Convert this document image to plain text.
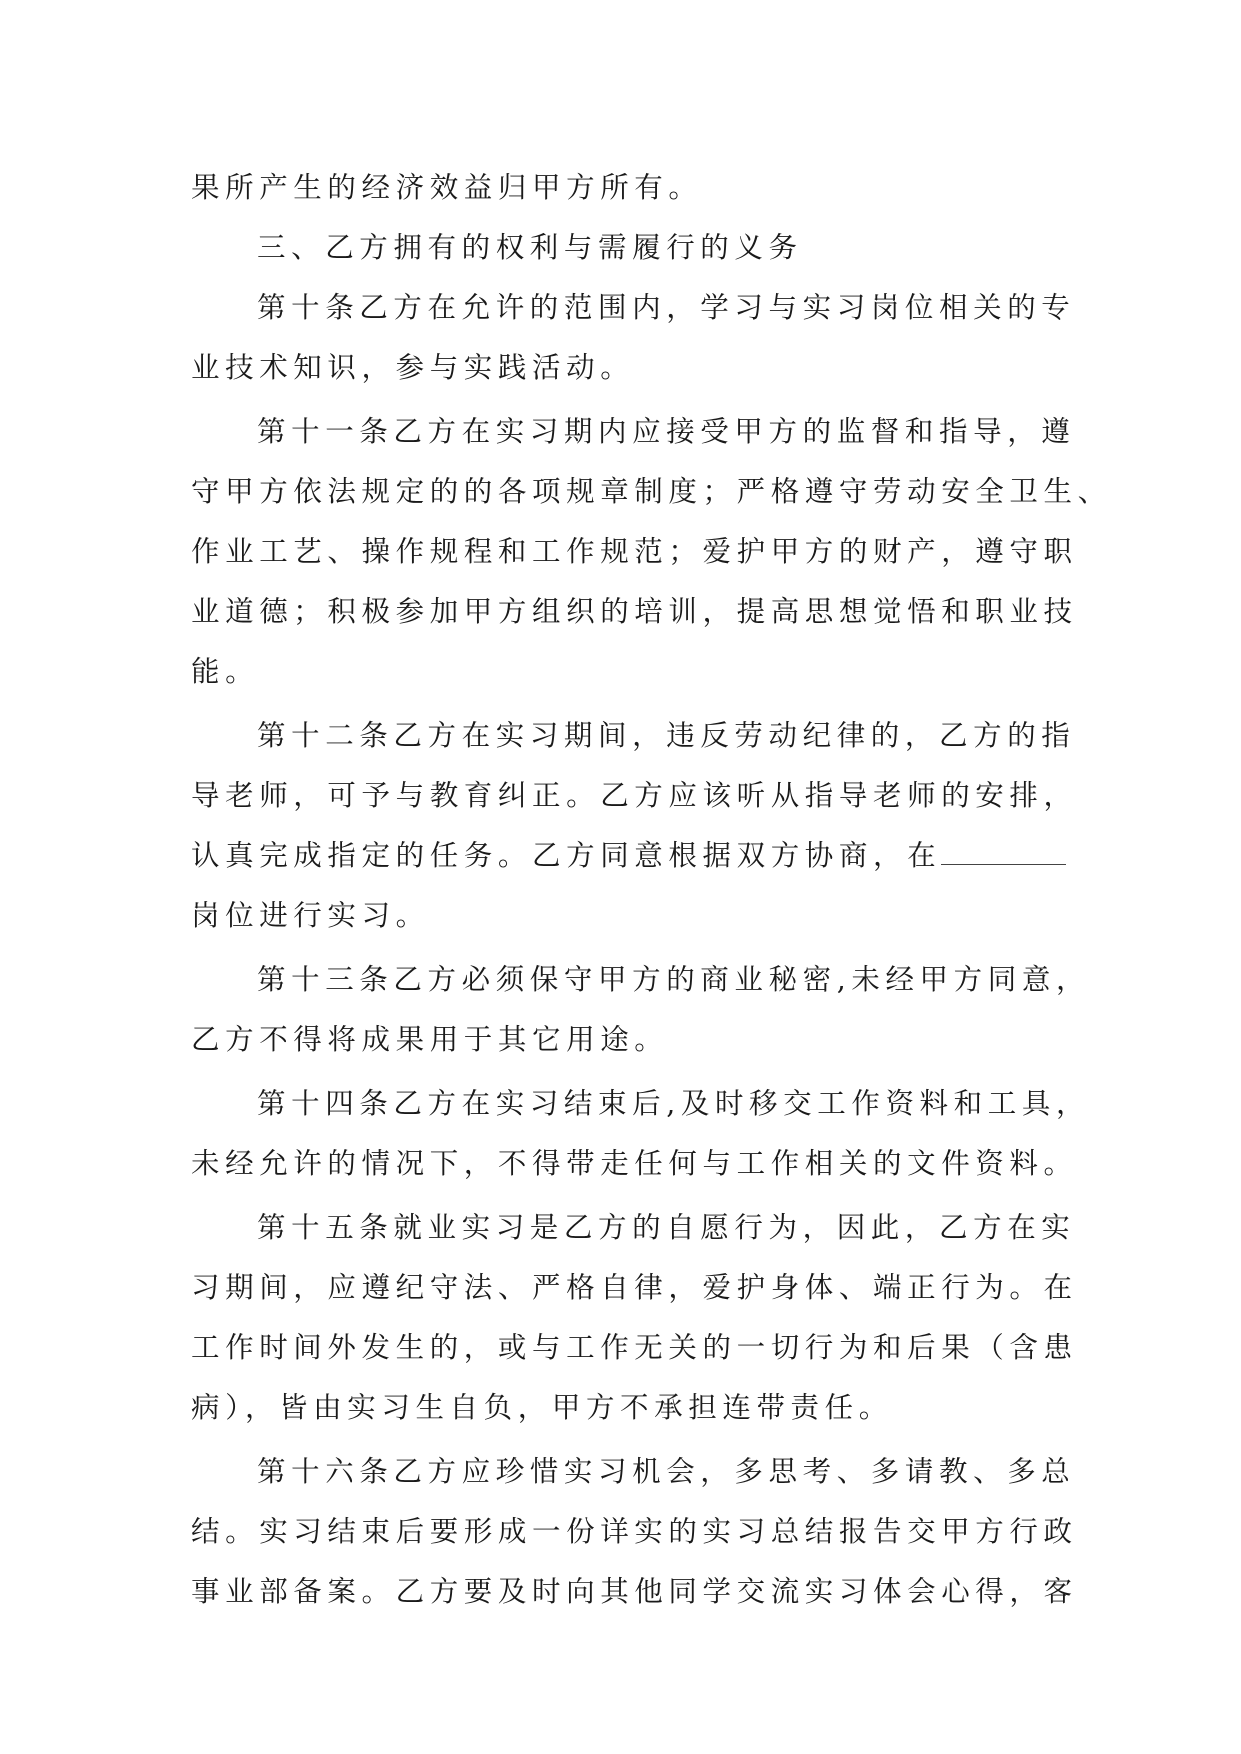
果所产生的经济效益归甲方所有。

三、乙方拥有的权利与需履行的义务

第十条乙方在允许的范围内，学习与实习岗位相关的专

业技术知识，参与实践活动。

第十一条乙方在实习期内应接受甲方的监督和指导，遵

守甲方依法规定的的各项规章制度；严格遵守劳动安全卫生、

作业工艺、操作规程和工作规范；爱护甲方的财产，遵守职

业道德；积极参加甲方组织的培训，提高思想觉悟和职业技

能。

第十二条乙方在实习期间，违反劳动纪律的，乙方的指

导老师，可予与教育纠正。乙方应该听从指导老师的安排，

认真完成指定的任务。乙方同意根据双方协商，在

岗位进行实习。

第十三条乙方必须保守甲方的商业秘密,未经甲方同意，

乙方不得将成果用于其它用途。

第十四条乙方在实习结束后,及时移交工作资料和工具，

未经允许的情况下，不得带走任何与工作相关的文件资料。

第十五条就业实习是乙方的自愿行为，因此，乙方在实

习期间，应遵纪守法、严格自律，爱护身体、端正行为。在

工作时间外发生的，或与工作无关的一切行为和后果（含患

病），皆由实习生自负，甲方不承担连带责任。

第十六条乙方应珍惜实习机会，多思考、多请教、多总

结。实习结束后要形成一份详实的实习总结报告交甲方行政

事业部备案。乙方要及时向其他同学交流实习体会心得，客
